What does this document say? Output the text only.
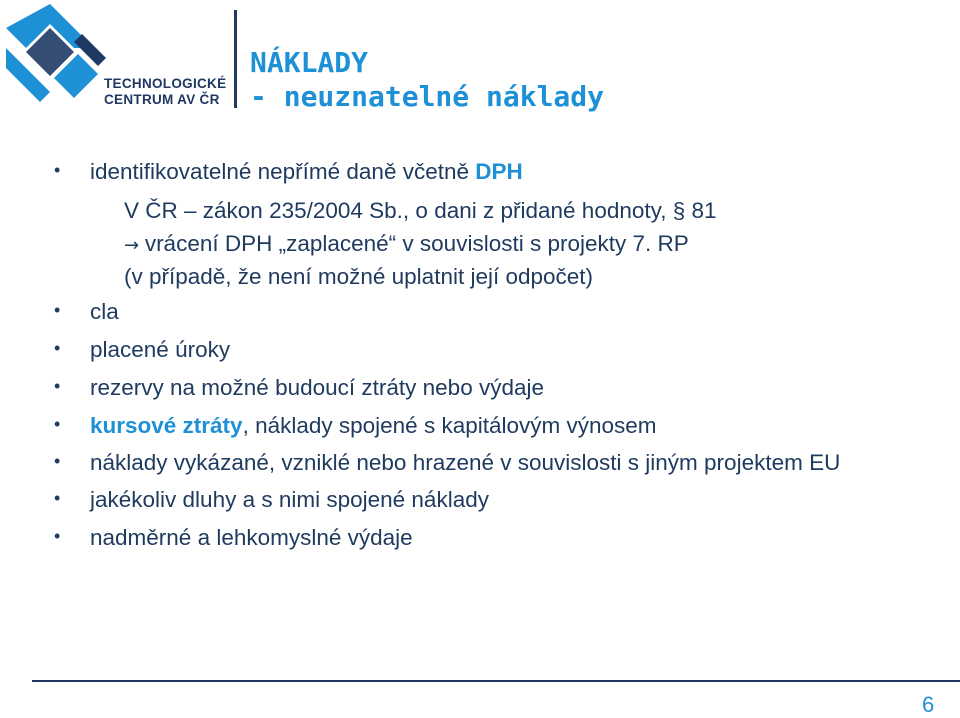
TECHNOLOGICKÉ
CENTRUM AV ČR
NÁKLADY
- neuznatelné náklady
• identifikovatelné nepřímé daně včetně DPH
V ČR – zákon 235/2004 Sb., o dani z přidané hodnoty, § 81
→ vrácení DPH „zaplacené“ v souvislosti s projekty 7. RP
(v případě, že není možné uplatnit její odpočet)
• cla
• placené úroky
• rezervy na možné budoucí ztráty nebo výdaje
• kursové ztráty, náklady spojené s kapitálovým výnosem
• náklady vykázané, vzniklé nebo hrazené v souvislosti s jiným projektem EU
• jakékoliv dluhy a s nimi spojené náklady
• nadměrné a lehkomyslné výdaje
6
